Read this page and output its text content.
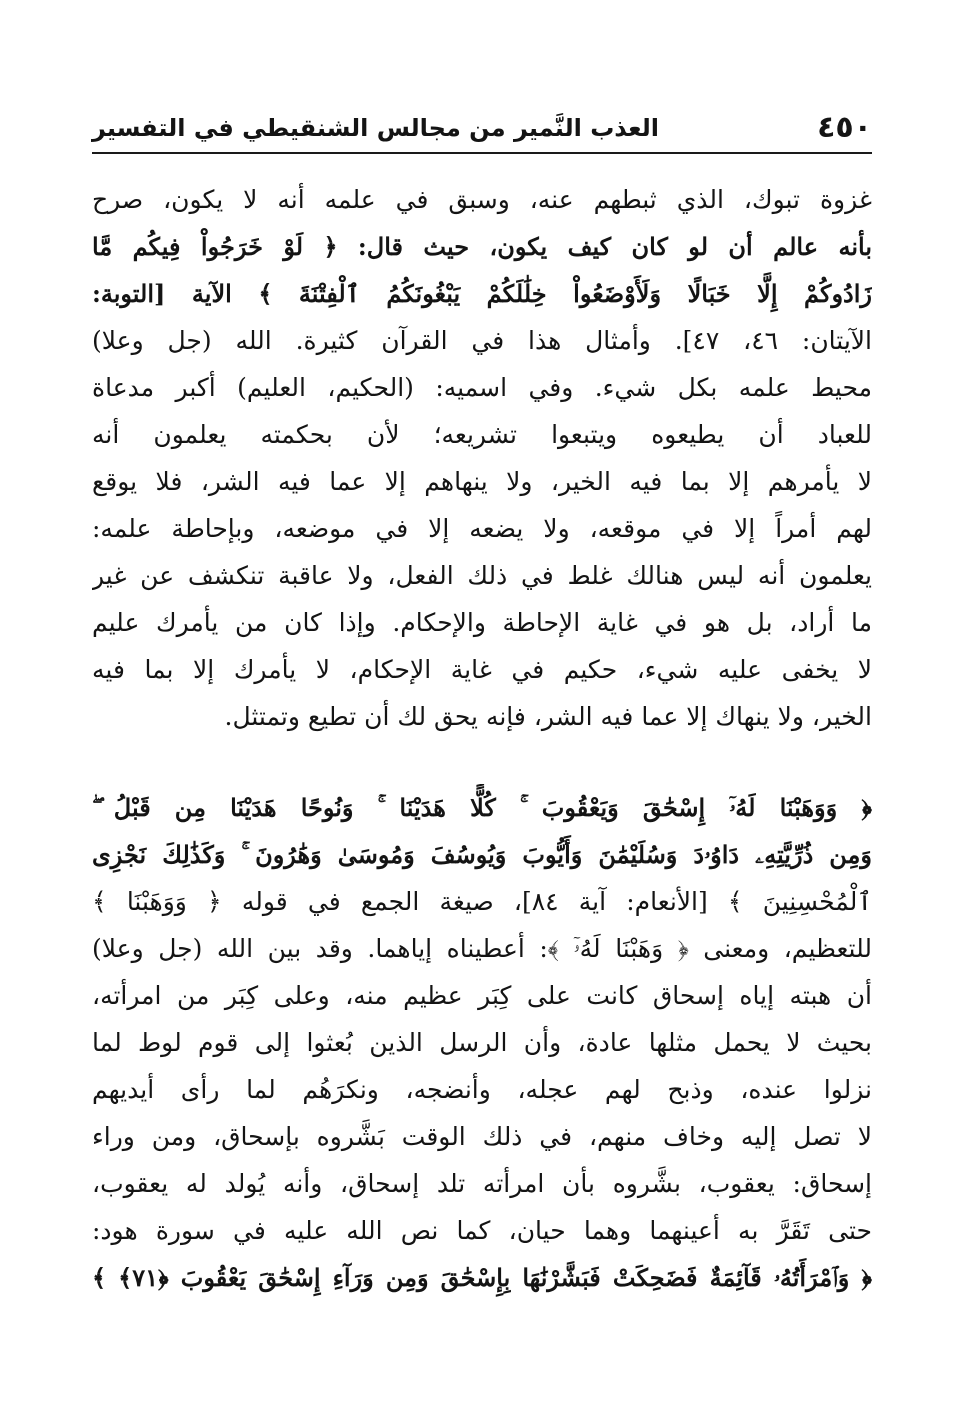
٤٥٠
العذب النَّمير من مجالس الشنقيطي في التفسير
غزوة تبوك، الذي ثبطهم عنه، وسبق في علمه أنه لا يكون، صرح
بأنه عالم أن لو كان كيف يكون، حيث قال: ﴿ لَوْ خَرَجُواْ فِيكُم مَّا
زَادُوكُمْ إِلَّا خَبَالًا وَلَأَوْضَعُواْ خِلَٰلَكُمْ يَبْغُونَكُمُ ٱلْفِتْنَةَ ﴾ الآية [التوبة:
الآيتان: ٤٦، ٤٧]. وأمثال هذا في القرآن كثيرة. الله (جل وعلا)
محيط علمه بكل شيء. وفي اسميه: (الحكيم، العليم) أكبر مدعاة
للعباد أن يطيعوه ويتبعوا تشريعه؛ لأن بحكمته يعلمون أنه
لا يأمرهم إلا بما فيه الخير، ولا ينهاهم إلا عما فيه الشر، فلا يوقع
لهم أمراً إلا في موقعه، ولا يضعه إلا في موضعه، وبإحاطة علمه:
يعلمون أنه ليس هنالك غلط في ذلك الفعل، ولا عاقبة تنكشف عن غير
ما أراد، بل هو في غاية الإحاطة والإحكام. وإذا كان من يأمرك عليم
لا يخفى عليه شيء، حكيم في غاية الإحكام، لا يأمرك إلا بما فيه
الخير، ولا ينهاك إلا عما فيه الشر، فإنه يحق لك أن تطيع وتمتثل.
﴿ وَوَهَبْنَا لَهُۥٓ إِسْحَٰقَ وَيَعْقُوبَ ۚ كُلًّا هَدَيْنَا ۚ وَنُوحًا هَدَيْنَا مِن قَبْلُ ۖ
وَمِن ذُرِّيَّتِهِۦ دَاوُۥدَ وَسُلَيْمَٰنَ وَأَيُّوبَ وَيُوسُفَ وَمُوسَىٰ وَهَٰرُونَ ۚ وَكَذَٰلِكَ نَجْزِى
ٱلْمُحْسِنِينَ ﴾ [الأنعام: آية ٨٤]، صيغة الجمع في قوله ﴿ وَوَهَبْنَا ﴾
للتعظيم، ومعنى ﴿ وَهَبْنَا لَهُۥٓ ﴾: أعطيناه إياهما. وقد بين الله (جل وعلا)
أن هبته إياه إسحاق كانت على كِبَر عظيم منه، وعلى كِبَر من امرأته،
بحيث لا يحمل مثلها عادة، وأن الرسل الذين بُعثوا إلى قوم لوط لما
نزلوا عنده، وذبح لهم عجله، وأنضجه، ونكرَهُم لما رأى أيديهم
لا تصل إليه وخاف منهم، في ذلك الوقت بَشَّروه بإسحاق، ومن وراء
إسحاق: يعقوب، بشَّروه بأن امرأته تلد إسحاق، وأنه يُولد له يعقوب،
حتى تَقَرَّ به أعينهما وهما حيان، كما نص الله عليه في سورة هود:
﴿ وَٱمْرَأَتُهُۥ قَآئِمَةٌ فَضَحِكَتْ فَبَشَّرْنَٰهَا بِإِسْحَٰقَ وَمِن وَرَآءِ إِسْحَٰقَ يَعْقُوبَ ﴿٧١﴾ ﴾
